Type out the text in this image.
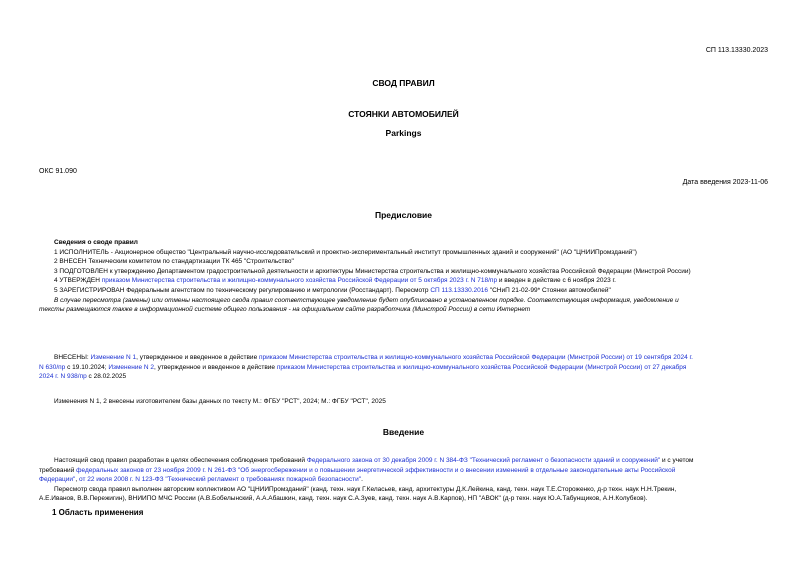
СП 113.13330.2023
СВОД ПРАВИЛ
СТОЯНКИ АВТОМОБИЛЕЙ
Parkings
ОКС 91.090
Дата введения 2023-11-06
Предисловие
Сведения о своде правил
1 ИСПОЛНИТЕЛЬ - Акционерное общество "Центральный научно-исследовательский и проектно-экспериментальный институт промышленных зданий и сооружений" (АО "ЦНИИПромзданий")
2 ВНЕСЕН Техническим комитетом по стандартизации ТК 465 "Строительство"
3 ПОДГОТОВЛЕН к утверждению Департаментом градостроительной деятельности и архитектуры Министерства строительства и жилищно-коммунального хозяйства Российской Федерации (Минстрой России)
4 УТВЕРЖДЕН приказом Министерства строительства и жилищно-коммунального хозяйства Российской Федерации от 5 октября 2023 г. N 718/пр и введен в действие с 6 ноября 2023 г.
5 ЗАРЕГИСТРИРОВАН Федеральным агентством по техническому регулированию и метрологии (Росстандарт). Пересмотр СП 113.13330.2016 "СНиП 21-02-99* Стоянки автомобилей"
В случае пересмотра (замены) или отмены настоящего свода правил соответствующее уведомление будет опубликовано в установленном порядке. Соответствующая информация, уведомление и
тексты размещаются также в информационной системе общего пользования - на официальном сайте разработчика (Минстрой России) в сети Интернет
ВНЕСЕНЫ: Изменение N 1, утвержденное и введенное в действие приказом Министерства строительства и жилищно-коммунального хозяйства Российской Федерации (Минстрой России) от 19 сентября 2024 г.
N 630/пр с 19.10.2024; Изменение N 2, утвержденное и введенное в действие приказом Министерства строительства и жилищно-коммунального хозяйства Российской Федерации (Минстрой России) от 27 декабря
2024 г. N 938/пр с 28.02.2025
Изменения N 1, 2 внесены изготовителем базы данных по тексту М.: ФГБУ "РСТ", 2024; М.: ФГБУ "РСТ", 2025
Введение
Настоящий свод правил разработан в целях обеспечения соблюдения требований Федерального закона от 30 декабря 2009 г. N 384-ФЗ "Технический регламент о безопасности зданий и сооружений" и с учетом
требований федеральных законов от 23 ноября 2009 г. N 261-ФЗ "Об энергосбережении и о повышении энергетической эффективности и о внесении изменений в отдельные законодательные акты Российской
Федерации", от 22 июля 2008 г. N 123-ФЗ "Технический регламент о требованиях пожарной безопасности".
Пересмотр свода правил выполнен авторским коллективом АО "ЦНИИПромзданий" (канд. техн. наук Г.Келасьев, канд. архитектуры Д.К.Лейкина, канд. техн. наук Т.Е.Стороженко, д-р техн. наук Н.Н.Трекин,
А.Е.Иванов, В.В.Пережигин), ВНИИПО МЧС России (А.В.Бобелынский, А.А.Абашкин, канд. техн. наук С.А.Зуев, канд. техн. наук А.В.Карпов), НП "АВОК" (д-р техн. наук Ю.А.Табунщиков, А.Н.Колубков).
1 Область применения
